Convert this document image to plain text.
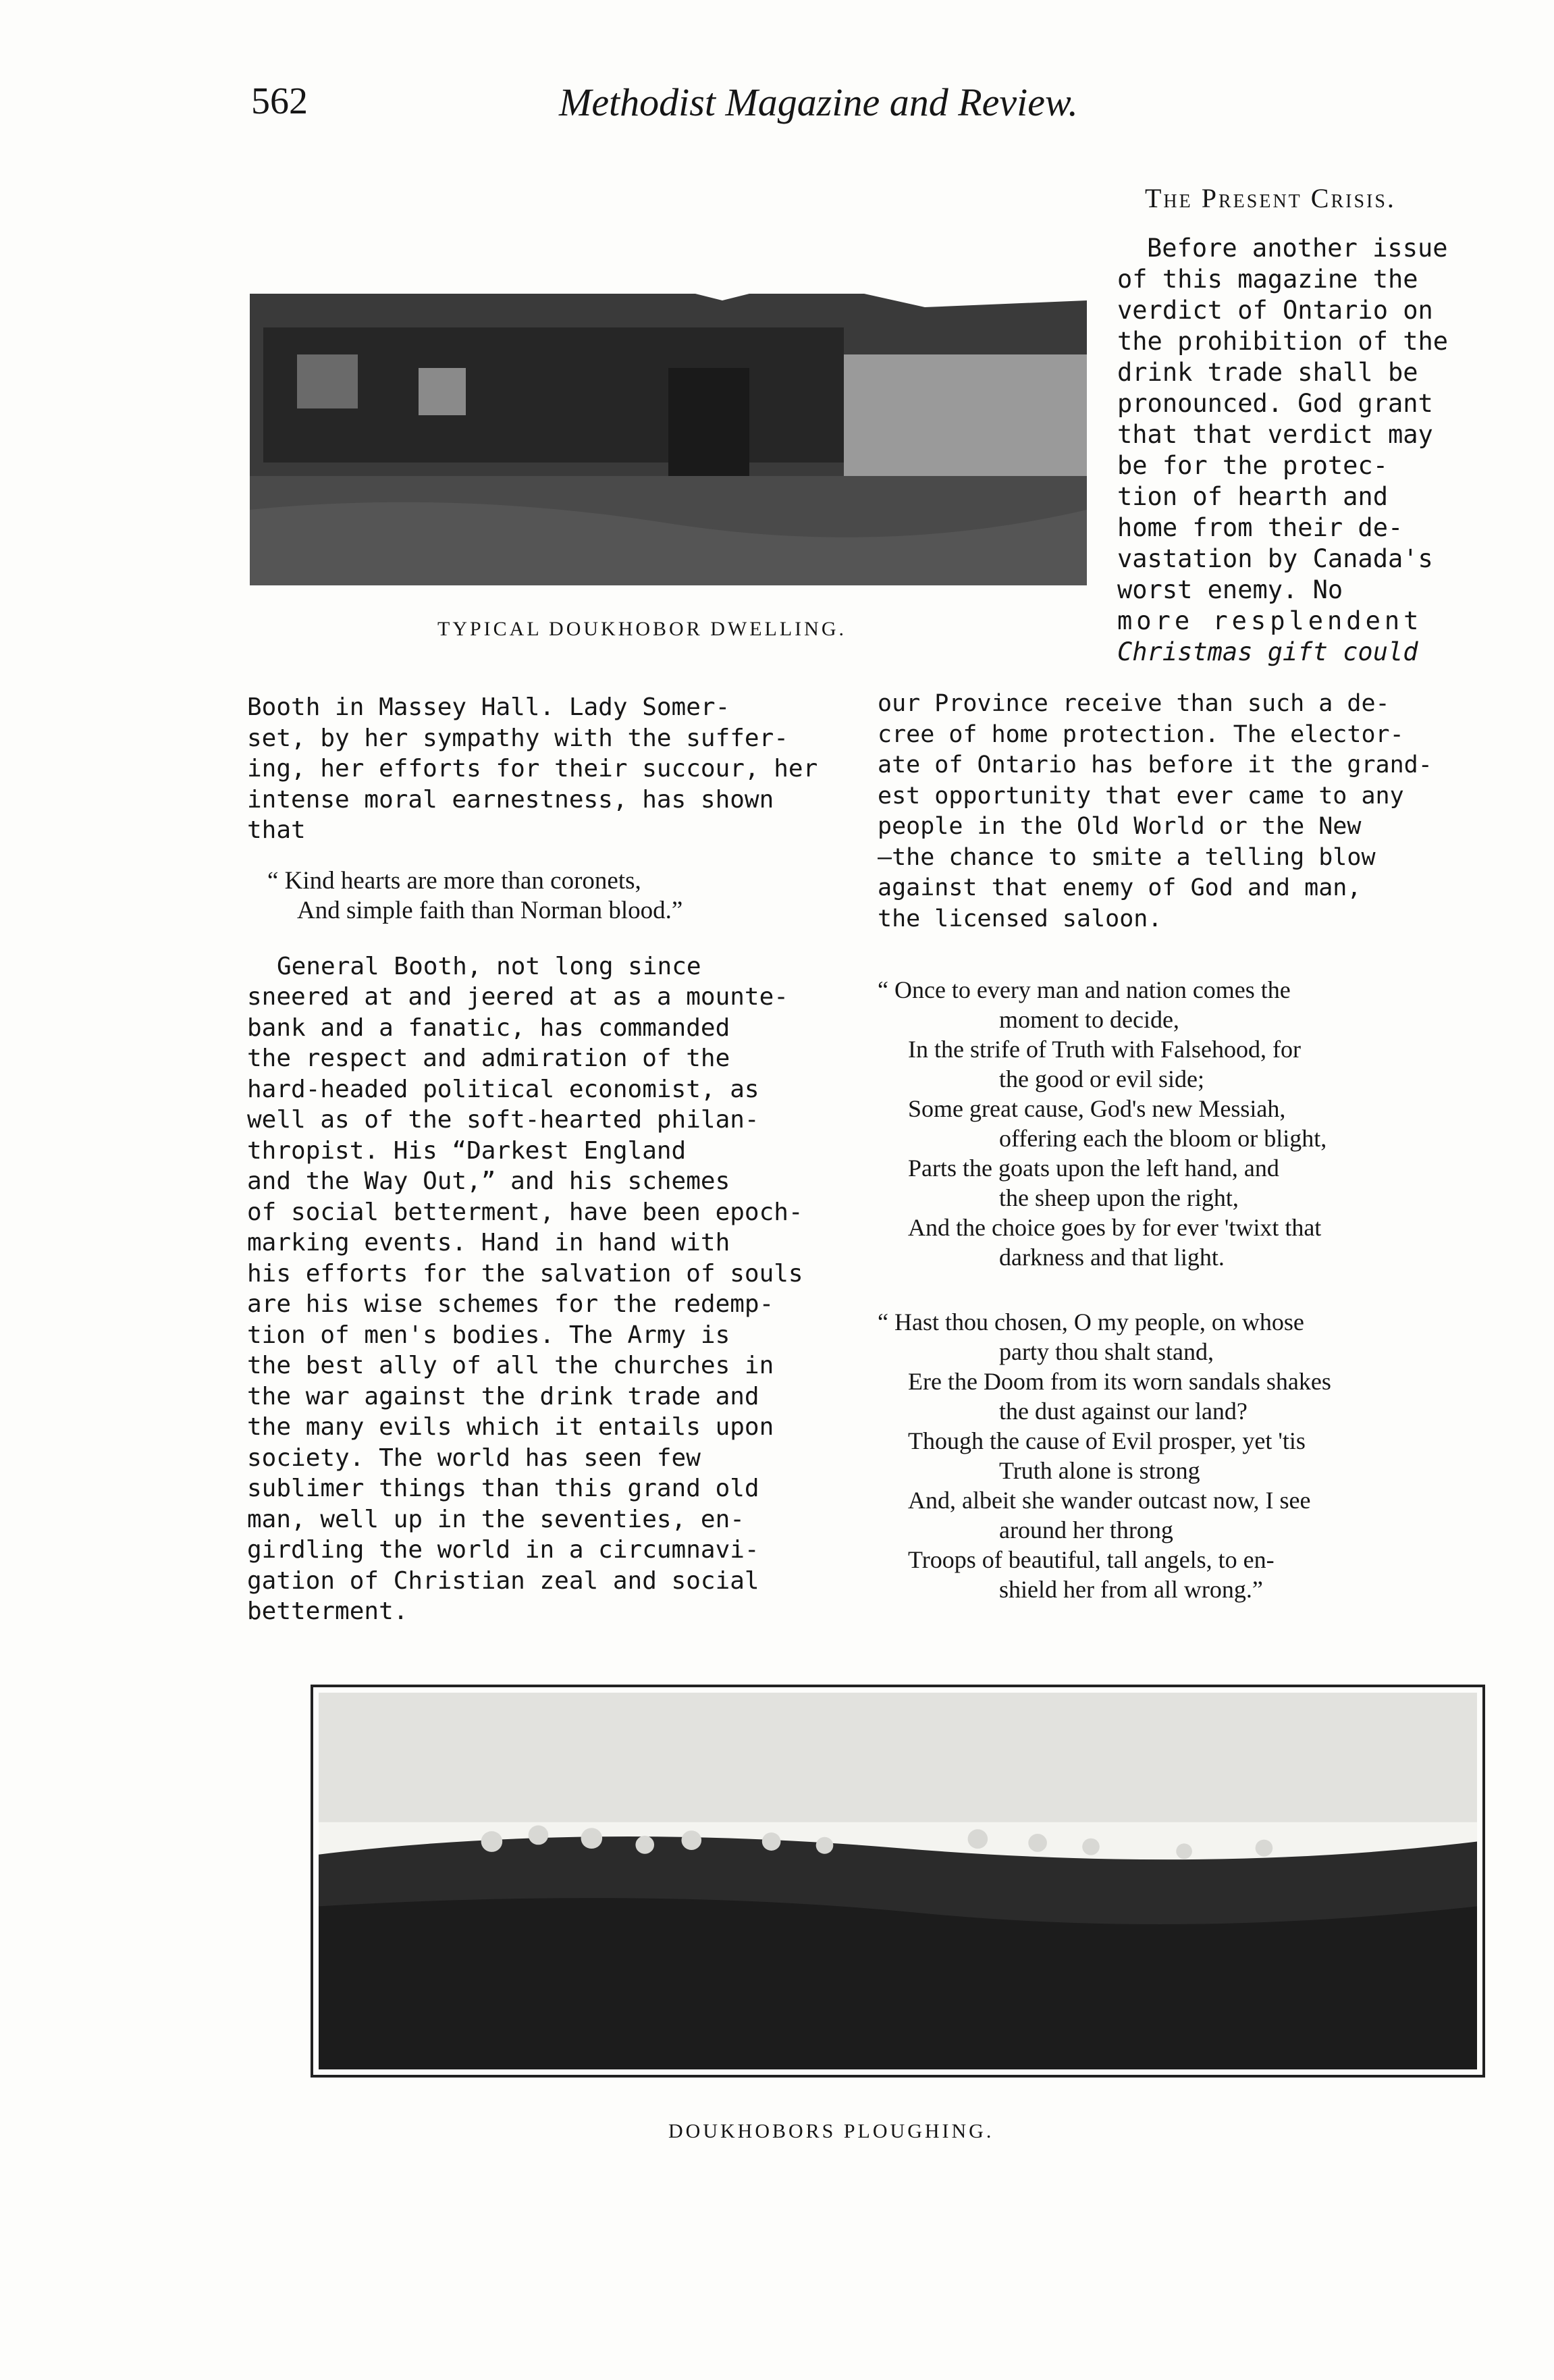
562	Methodist Magazine and Review.
TYPICAL DOUKHOBOR DWELLING.
The Present Crisis.
Before another issue
of this magazine the
verdict of Ontario on
the prohibition of the
drink trade shall be
pronounced. God grant
that that verdict may
be for the protec-
tion of hearth and
home from their de-
vastation by Canada's
worst enemy. No
more resplendent
Christmas gift could
Booth in Massey Hall. Lady Somer-
set, by her sympathy with the suffer-
ing, her efforts for their succour, her
intense moral earnestness, has shown
that
“ Kind hearts are more than coronets,
And simple faith than Norman blood.”
General Booth, not long since
sneered at and jeered at as a mounte-
bank and a fanatic, has commanded
the respect and admiration of the
hard-headed political economist, as
well as of the soft-hearted philan-
thropist. His “Darkest England
and the Way Out,” and his schemes
of social betterment, have been epoch-
marking events. Hand in hand with
his efforts for the salvation of souls
are his wise schemes for the redemp-
tion of men's bodies. The Army is
the best ally of all the churches in
the war against the drink trade and
the many evils which it entails upon
society. The world has seen few
sublimer things than this grand old
man, well up in the seventies, en-
girdling the world in a circumnavi-
gation of Christian zeal and social
betterment.
our Province receive than such a de-
cree of home protection. The elector-
ate of Ontario has before it the grand-
est opportunity that ever came to any
people in the Old World or the New
—the chance to smite a telling blow
against that enemy of God and man,
the licensed saloon.
“ Once to every man and nation comes the
moment to decide,
In the strife of Truth with Falsehood, for
the good or evil side;
Some great cause, God's new Messiah,
offering each the bloom or blight,
Parts the goats upon the left hand, and
the sheep upon the right,
And the choice goes by for ever 'twixt that
darkness and that light.
“ Hast thou chosen, O my people, on whose
party thou shalt stand,
Ere the Doom from its worn sandals shakes
the dust against our land?
Though the cause of Evil prosper, yet 'tis
Truth alone is strong
And, albeit she wander outcast now, I see
around her throng
Troops of beautiful, tall angels, to en-
shield her from all wrong.”
DOUKHOBORS PLOUGHING.
